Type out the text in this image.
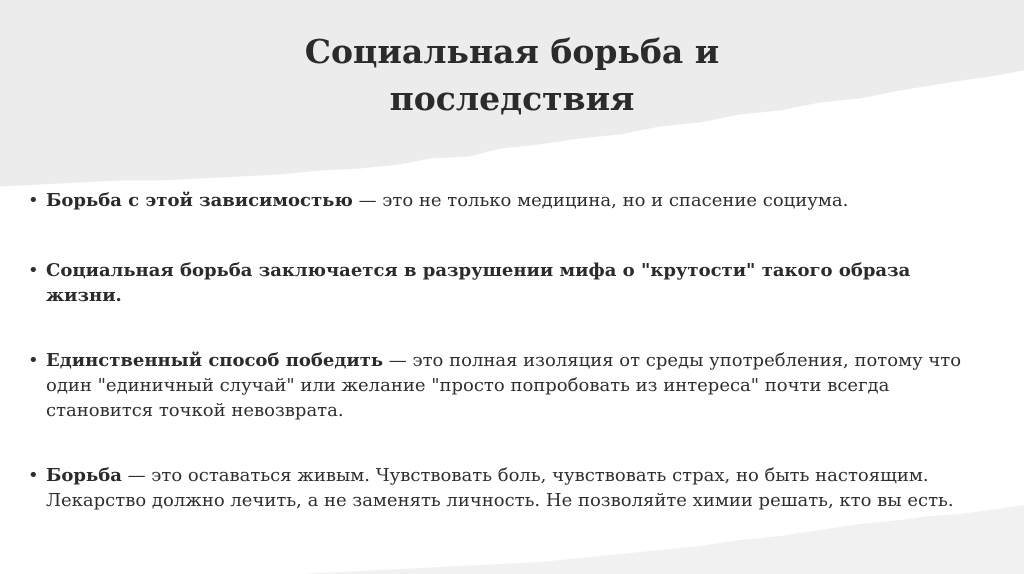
Социальная борьба и
последствия
• Борьба с этой зависимостью — это не только медицина, но и спасение социума.
• Социальная борьба заключается в разрушении мифа о "крутости" такого образа жизни.
• Единственный способ победить — это полная изоляция от среды употребления, потому что один "единичный случай" или желание "просто попробовать из интереса" почти всегда становится точкой невозврата.
• Борьба — это оставаться живым. Чувствовать боль, чувствовать страх, но быть настоящим. Лекарство должно лечить, а не заменять личность. Не позволяйте химии решать, кто вы есть.
